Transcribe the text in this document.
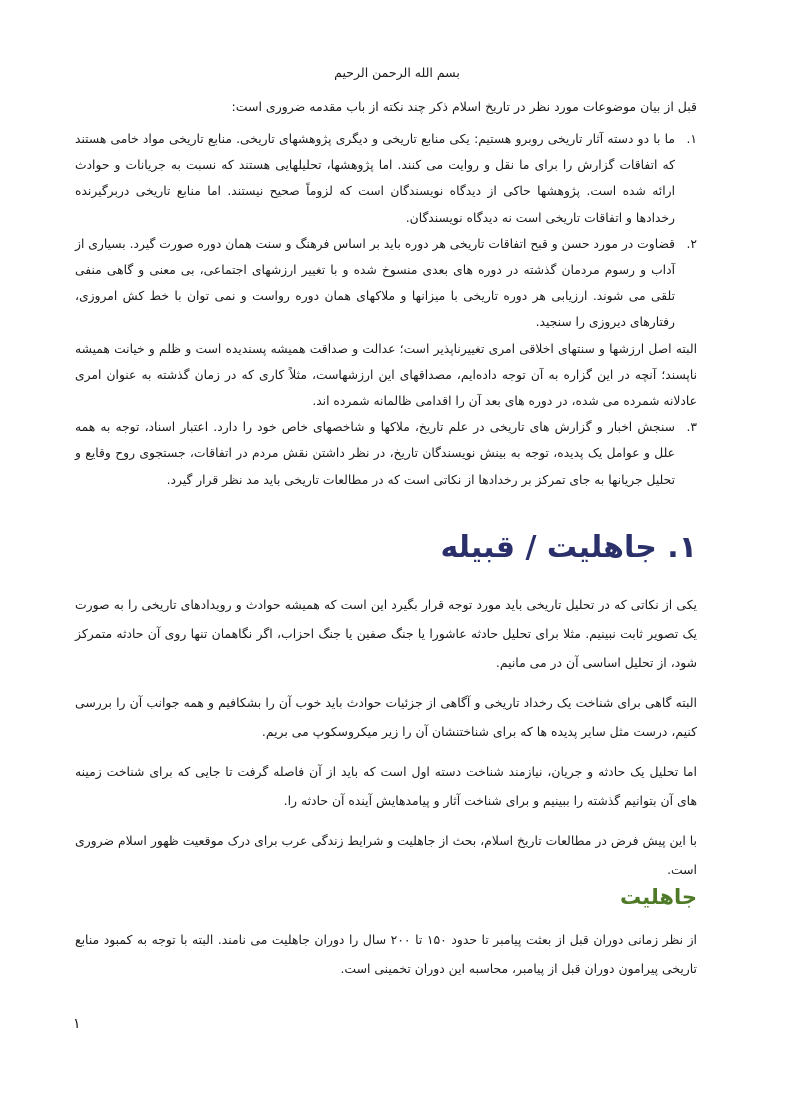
بسم الله الرحمن الرحیم

قبل از بیان موضوعات مورد نظر در تاریخ اسلام ذکر چند نکته از باب مقدمه ضروری است:

۱.
ما با دو دسته آثار تاریخی روبرو هستیم: یکی منابع تاریخی و دیگری پژوهشهای تاریخی. منابع تاریخی مواد خامی هستند که اتفاقات گزارش را برای ما نقل و روایت می کنند. اما پژوهشها، تحلیلهایی هستند که نسبت به جریانات و حوادث ارائه شده است. پژوهشها حاکی از دیدگاه نویسندگان است که لزوماً صحیح نیستند. اما منابع تاریخی دربرگیرنده رخدادها و اتفاقات تاریخی است نه دیدگاه نویسندگان.
۲.
قضاوت در مورد حسن و قبح اتفاقات تاریخی هر دوره باید بر اساس فرهنگ و سنت همان دوره صورت گیرد. بسیاری از آداب و رسوم مردمان گذشته در دوره های بعدی منسوخ شده و با تغییر ارزشهای اجتماعی، بی معنی و گاهی منفی تلقی می شوند. ارزیابی هر دوره تاریخی با میزانها و ملاکهای همان دوره رواست و نمی توان با خط کش امروزی، رفتارهای دیروزی را سنجید.
البته اصل ارزشها و سنتهای اخلاقی امری تغییرناپذیر است؛ عدالت و صداقت همیشه پسندیده است و ظلم و خیانت همیشه ناپسند؛ آنچه در این گزاره به آن توجه داده‌ایم، مصداقهای این ارزشهاست، مثلاً کاری که در زمان گذشته به عنوان امری عادلانه شمرده می شده، در دوره های بعد آن را اقدامی ظالمانه شمرده اند.
۳.
سنجش اخبار و گزارش های تاریخی در علم تاریخ، ملاکها و شاخصهای خاص خود را دارد. اعتبار اسناد، توجه به همه علل و عوامل یک پدیده، توجه به بینش نویسندگان تاریخ، در نظر داشتن نقش مردم در اتفاقات، جستجوی روح وقایع و تحلیل جریانها به جای تمرکز بر رخدادها از نکاتی است که در مطالعات تاریخی باید مد نظر قرار گیرد.
۱. جاهلیت / قبیله

یکی از نکاتی که در تحلیل تاریخی باید مورد توجه قرار بگیرد این است که همیشه حوادث و رویدادهای تاریخی را به صورت یک تصویر ثابت نبینیم. مثلا برای تحلیل حادثه عاشورا یا جنگ صفین یا جنگ احزاب، اگر نگاهمان تنها روی آن حادثه متمرکز شود، از تحلیل اساسی آن در می مانیم.

البته گاهی برای شناخت یک رخداد تاریخی و آگاهی از جزئیات حوادث باید خوب آن را بشکافیم و همه جوانب آن را بررسی کنیم، درست مثل سایر پدیده ها که برای شناختنشان آن را زیر میکروسکوپ می بریم.

اما تحلیل یک حادثه و جریان، نیازمند شناخت دسته اول است که باید از آن فاصله گرفت تا جایی که برای شناخت زمینه های آن بتوانیم گذشته را ببینیم و برای شناخت آثار و پیامدهایش آینده آن حادثه را.

با این پیش فرض در مطالعات تاریخ اسلام، بحث از جاهلیت و شرایط زندگی عرب برای درک موقعیت ظهور اسلام ضروری است.

جاهلیت

از نظر زمانی دوران قبل از بعثت پیامبر تا حدود ۱۵۰ تا ۲۰۰ سال را دوران جاهلیت می نامند. البته با توجه به کمبود منابع تاریخی پیرامون دوران قبل از پیامبر، محاسبه این دوران تخمینی است.

۱
